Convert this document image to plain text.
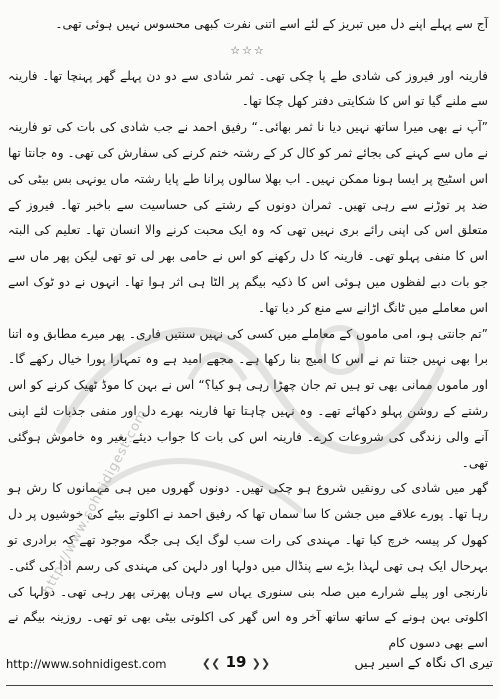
آج سے پہلے اپنے دل میں تبریز کے لئے اسے اتنی نفرت کبھی محسوس نہیں ہوئی تھی۔

☆☆☆

فارینہ اور فیروز کی شادی طے پا چکی تھی۔ ثمر شادی سے دو دن پہلے گھر پہنچا تھا۔ فارینہ سے ملنے گیا تو اس کا شکایتی دفتر کھل چکا تھا۔

”آپ نے بھی میرا ساتھ نہیں دیا نا ثمر بھائی۔“ رفیق احمد نے جب شادی کی بات کی تو فارینہ نے ماں سے کہنے کی بجائے ثمر کو کال کر کے رشتہ ختم کرنے کی سفارش کی تھی۔ وہ جانتا تھا اس اسٹیج پر ایسا ہونا ممکن نہیں۔ اب بھلا سالوں پرانا طے پایا رشتہ ماں یونہی بس بیٹی کی ضد پر توڑنے سے رہی تھیں۔ ثمران دونوں کے رشتے کی حساسیت سے باخبر تھا۔ فیروز کے متعلق اس کی اپنی رائے بری نہیں تھی کہ وہ ایک محبت کرنے والا انسان تھا۔ تعلیم کی البتہ اس کا منفی پہلو تھی۔ فارینہ کا دل رکھنے کو اس نے حامی بھر لی تو تھی لیکن پھر ماں سے جو بات دبے لفظوں میں ہوئی اس کا ذکیہ بیگم پر الٹا ہی اثر ہوا تھا۔ انہوں نے دو ٹوک اسے اس معاملے میں ٹانگ اڑانے سے منع کر دیا تھا۔

”تم جانتی ہو، امی ماموں کے معاملے میں کسی کی نہیں سنتیں فاری۔ پھر میرے مطابق وہ اتنا برا بھی نہیں جتنا تم نے اس کا امیج بنا رکھا ہے۔ مجھے امید ہے وہ تمہارا پورا خیال رکھے گا۔ اور ماموں ممانی بھی تو ہیں تم جان چھڑا رہی ہو کیا؟“ اس نے بہن کا موڈ ٹھیک کرنے کو اس رشتے کے روشن پہلو دکھائے تھے۔ وہ نہیں چاہتا تھا فارینہ بھرے دل اور منفی جذبات لئے اپنی آنے والی زندگی کی شروعات کرے۔ فارینہ اس کی بات کا جواب دیئے بغیر وہ خاموش ہوگئی تھی۔

گھر میں شادی کی رونقیں شروع ہو چکی تھیں۔ دونوں گھروں میں ہی مہمانوں کا رش ہو رہا تھا۔ پورے علاقے میں جشن کا سا سماں تھا کہ رفیق احمد نے اکلوتے بیٹے کی خوشیوں پر دل کھول کر پیسہ خرچ کیا تھا۔ مہندی کی رات سب لوگ ایک ہی جگہ موجود تھے کہ برادری تو بہرحال ایک ہی تھی لہذا بڑے سے پنڈال میں دولہا اور دلہن کی مہندی کی رسم ادا کی گئی۔ نارنجی اور پیلے شرارے میں صلہ بنی سنوری یہاں سے وہاں پھرتی پھر رہی تھی۔ دولہا کی اکلوتی بہن ہونے کے ساتھ ساتھ آخر وہ اس گھر کی اکلوتی بیٹی بھی تو تھی۔ روزینہ بیگم نے اسے بھی دسوں کام

http://www.sohnidigest.com
http://www.sohnidigest.com	❮❮ 19 ❯❯	تیری اک نگاہ کے اسیر ہیں
